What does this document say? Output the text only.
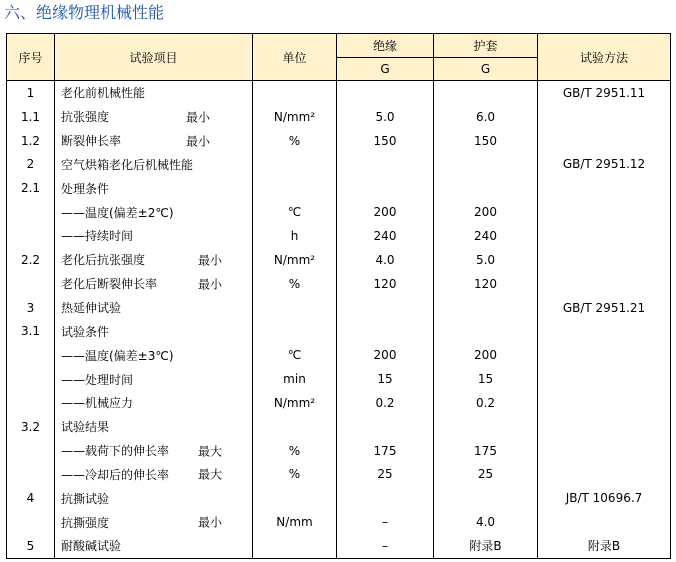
六、绝缘物理机械性能
序号	试验项目	单位	绝缘	护套	试验方法
			G	G	
1	老化前机械性能				GB/T 2951.11
1.1	抗张强度 最小	N/mm²	5.0	6.0	
1.2	断裂伸长率 最小	%	150	150	
2	空气烘箱老化后机械性能				GB/T 2951.12
2.1	处理条件

	——温度(偏差±2℃)	℃	200	200	
	——持续时间	h	240	240	
2.2	老化后抗张强度 最小	N/mm²	4.0	5.0	
	老化后断裂伸长率 最小	%	120	120	
3	热延伸试验				GB/T 2951.21
3.1	试验条件

	——温度(偏差±3℃)	℃	200	200	
	——处理时间	min	15	15	
	——机械应力	N/mm²	0.2	0.2	
3.2	试验结果

	——载荷下的伸长率 最大	%	175	175	
	——冷却后的伸长率 最大	%	25	25	
4	抗撕试验				JB/T 10696.7
	抗撕强度 最小	N/mm	–	4.0	
5	耐酸碱试验		–	附录B	附录B
